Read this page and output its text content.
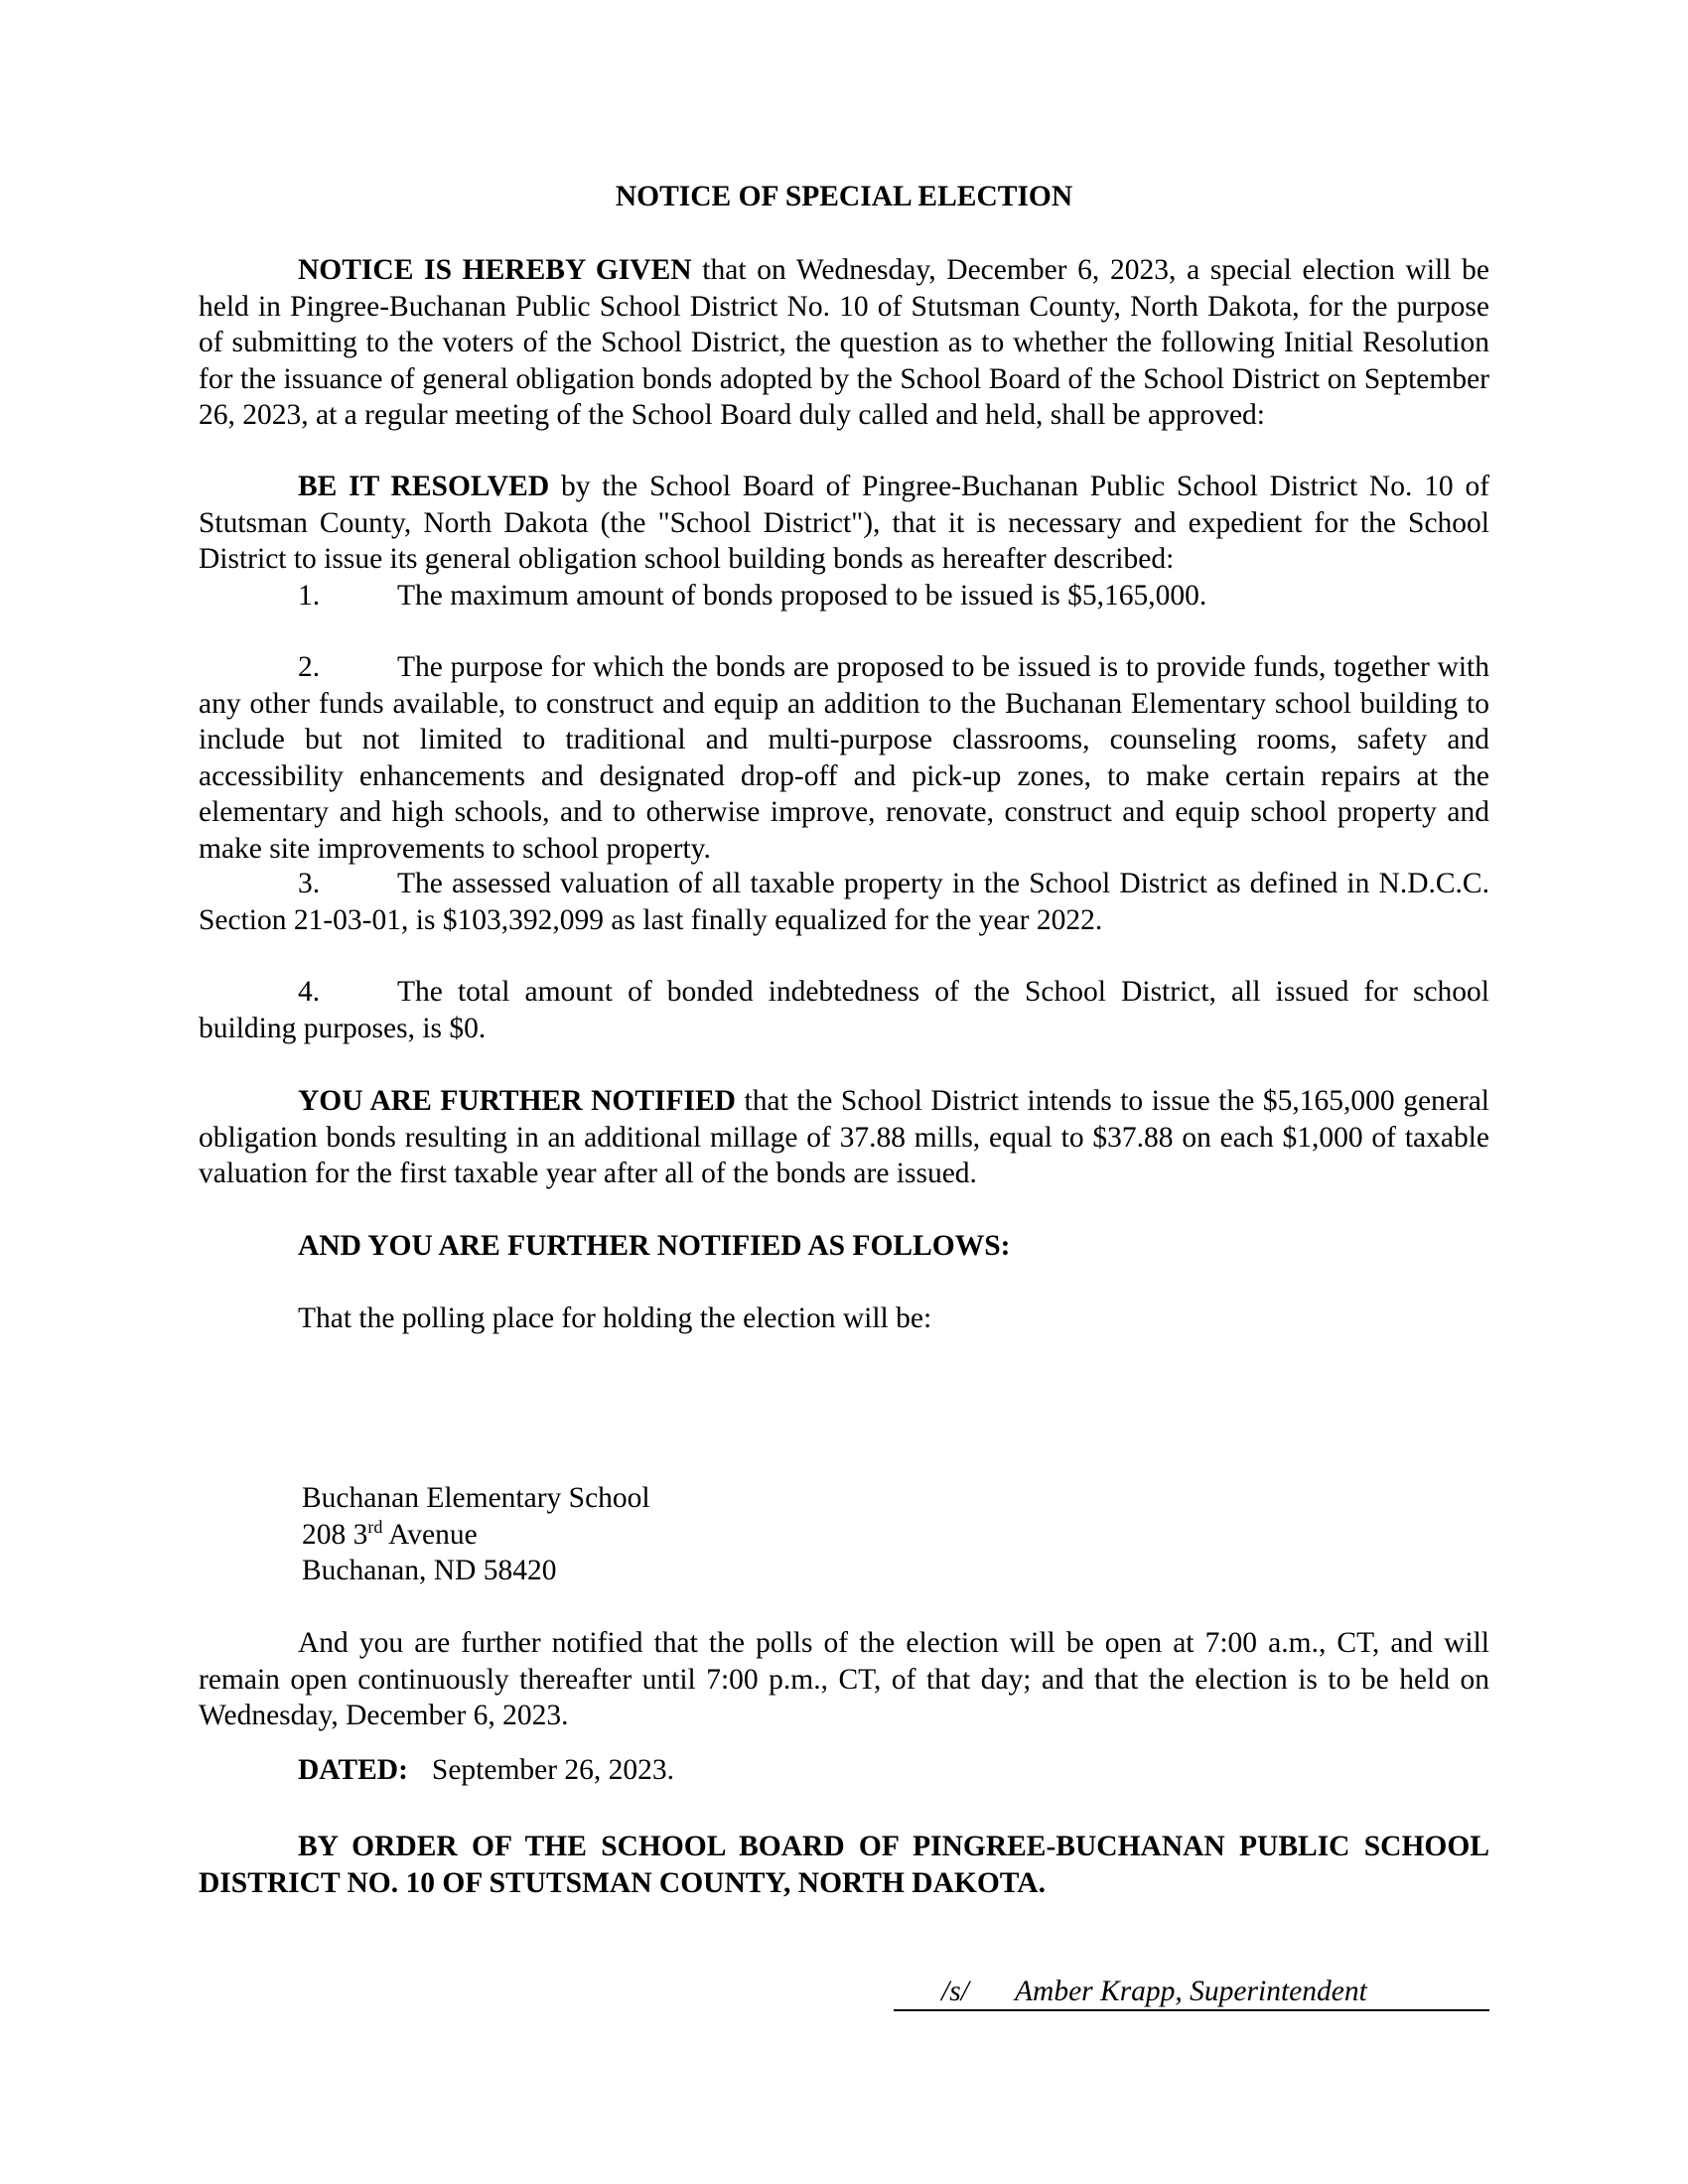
NOTICE OF SPECIAL ELECTION

NOTICE IS HEREBY GIVEN that on Wednesday, December 6, 2023, a special election will be held in Pingree-Buchanan Public School District No. 10 of Stutsman County, North Dakota, for the purpose of submitting to the voters of the School District, the question as to whether the following Initial Resolution for the issuance of general obligation bonds adopted by the School Board of the School District on September 26, 2023, at a regular meeting of the School Board duly called and held, shall be approved:

BE IT RESOLVED by the School Board of Pingree-Buchanan Public School District No. 10 of Stutsman County, North Dakota (the "School District"), that it is necessary and expedient for the School District to issue its general obligation school building bonds as hereafter described:

1.	The maximum amount of bonds proposed to be issued is $5,165,000.

2.	The purpose for which the bonds are proposed to be issued is to provide funds, together with any other funds available, to construct and equip an addition to the Buchanan Elementary school building to include but not limited to traditional and multi-purpose classrooms, counseling rooms, safety and accessibility enhancements and designated drop-off and pick-up zones, to make certain repairs at the elementary and high schools, and to otherwise improve, renovate, construct and equip school property and make site improvements to school property.

3.	The assessed valuation of all taxable property in the School District as defined in N.D.C.C. Section 21-03-01, is $103,392,099 as last finally equalized for the year 2022.

4.	The total amount of bonded indebtedness of the School District, all issued for school building purposes, is $0.

YOU ARE FURTHER NOTIFIED that the School District intends to issue the $5,165,000 general obligation bonds resulting in an additional millage of 37.88 mills, equal to $37.88 on each $1,000 of taxable valuation for the first taxable year after all of the bonds are issued.

AND YOU ARE FURTHER NOTIFIED AS FOLLOWS:

That the polling place for holding the election will be:

Buchanan Elementary School
208 3rd Avenue
Buchanan, ND 58420

And you are further notified that the polls of the election will be open at 7:00 a.m., CT, and will remain open continuously thereafter until 7:00 p.m., CT, of that day; and that the election is to be held on Wednesday, December 6, 2023.

DATED: September 26, 2023.

BY ORDER OF THE SCHOOL BOARD OF PINGREE-BUCHANAN PUBLIC SCHOOL DISTRICT NO. 10 OF STUTSMAN COUNTY, NORTH DAKOTA.

/s/ Amber Krapp, Superintendent
